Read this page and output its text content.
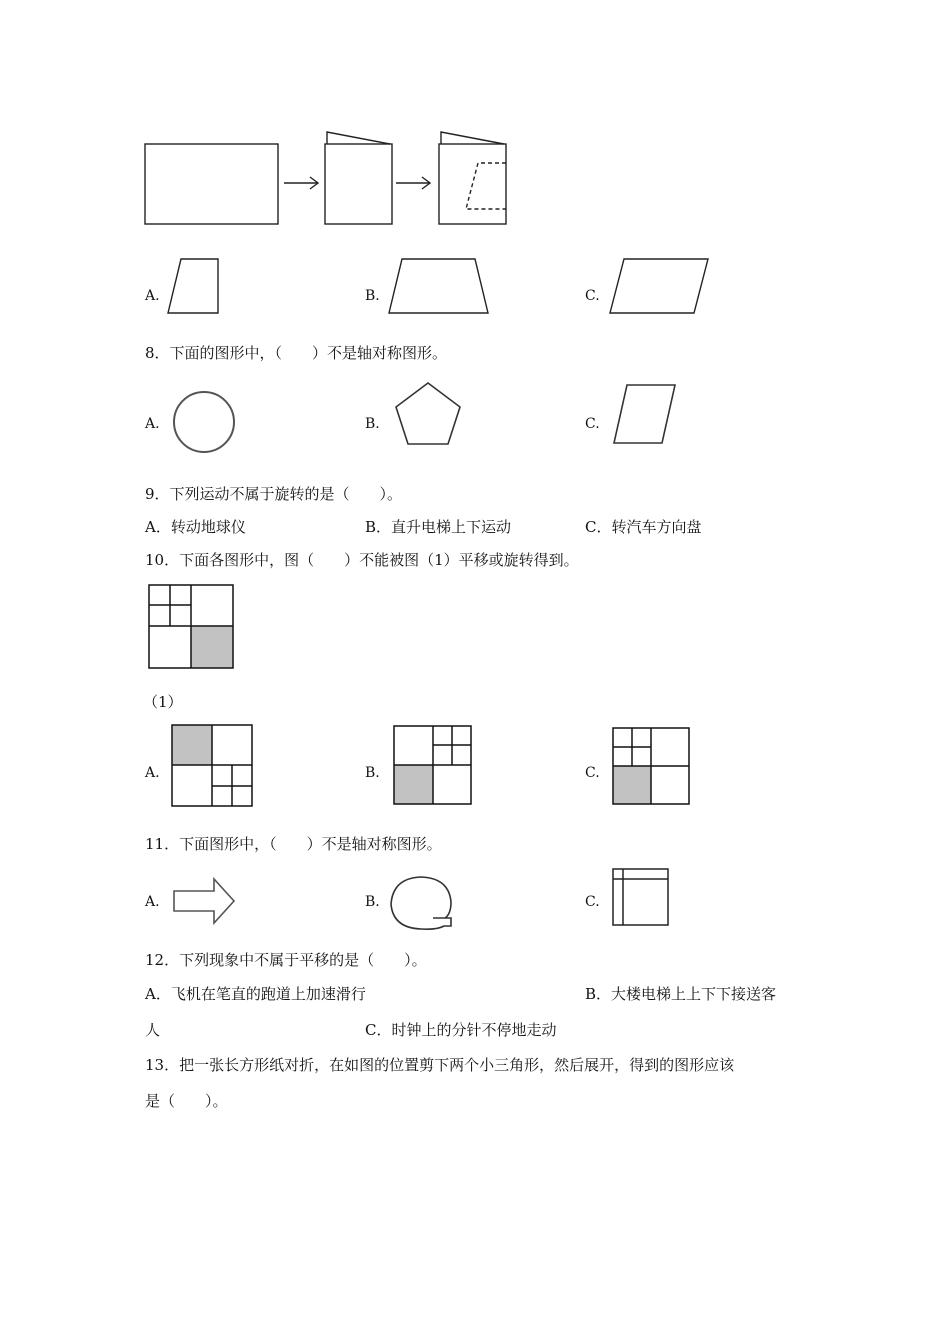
A.	B.	C.
8．下面的图形中，（　　）不是轴对称图形。
A.	B.	C.
9．下列运动不属于旋转的是（　　）。
A．转动地球仪	B．直升电梯上下运动	C．转汽车方向盘
10．下面各图形中，图（　　）不能被图（1）平移或旋转得到。
（1）
A.	B.	C.
11．下面图形中，（　　）不是轴对称图形。
A.	B.	C.
12．下列现象中不属于平移的是（　　）。
A．飞机在笔直的跑道上加速滑行	B．大楼电梯上上下下接送客
人	C．时钟上的分针不停地走动
13．把一张长方形纸对折，在如图的位置剪下两个小三角形，然后展开，得到的图形应该
是（　　）。
